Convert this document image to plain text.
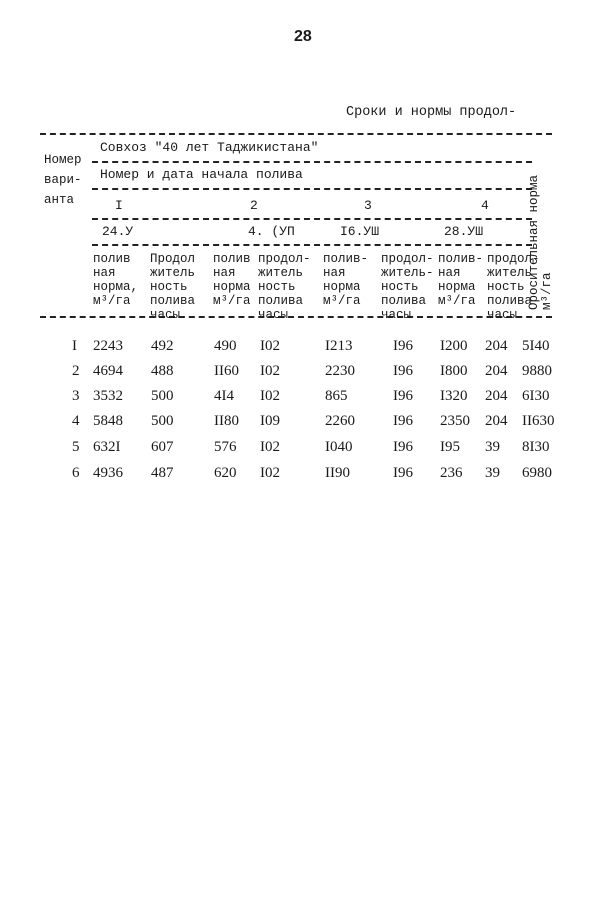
28
Сроки и нормы продол-
Номер
вари-
анта
Совхоз "40 лет Таджикистана"
Номер и дата начала полива
I	2	3	4
24.У	4. (УП	I6.УШ	28.УШ
полив
ная
норма,
м³/га
Продол
житель
ность
полива
часы
полив
ная
норма
м³/га
продол-
житель
ность
полива
часы
полив-
ная
норма
м³/га
продол-
житель-
ность
полива
часы
полив-
ная
норма
м³/га
продол-
житель
ность
полива
часы
Оросительная норма
м³/га
I 2243 492	490 I02	I213	I96 I200 204 5I40
2 4694 488	II60 I02	2230	I96 I800 204 9880
3 3532 500	4I4 I02	865	I96 I320 204 6I30
4 5848 500	II80 I09	2260	I96 2350 204 II630
5 632I 607	576 I02	I040	I96 I95 39 8I30
6 4936 487	620 I02	II90	I96 236 39 6980
